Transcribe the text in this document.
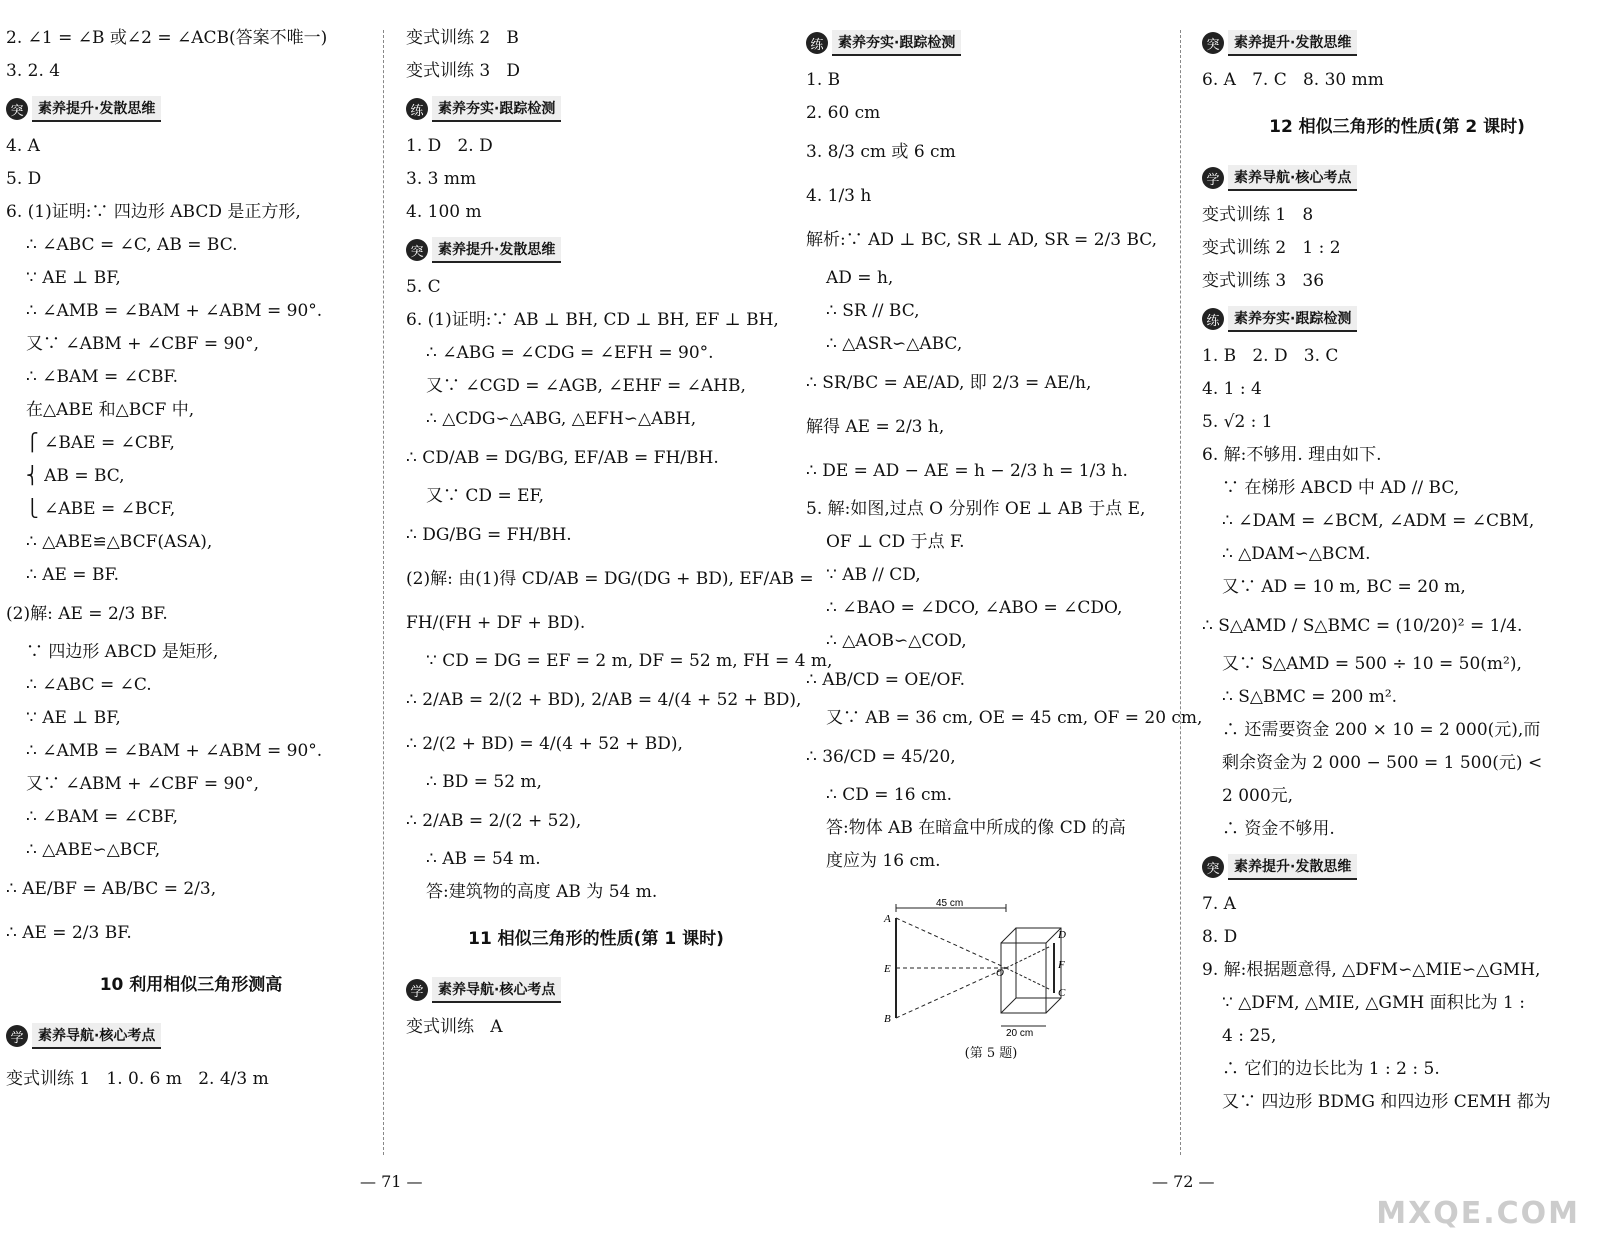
2. ∠1 = ∠B 或∠2 = ∠ACB(答案不唯一)
3. 2. 4
突	素养提升·发散思维
4. A
5. D
6. (1)证明:∵ 四边形 ABCD 是正方形,
∴ ∠ABC = ∠C, AB = BC.
∵ AE ⊥ BF,
∴ ∠AMB = ∠BAM + ∠ABM = 90°.
又∵ ∠ABM + ∠CBF = 90°,
∴ ∠BAM = ∠CBF.
在△ABE 和△BCF 中,
⎧ ∠BAE = ∠CBF,
⎨ AB = BC,
⎩ ∠ABE = ∠BCF,
∴ △ABE≌△BCF(ASA),
∴ AE = BF.
(2)解: AE = 2/3 BF.
∵ 四边形 ABCD 是矩形,
∴ ∠ABC = ∠C.
∵ AE ⊥ BF,
∴ ∠AMB = ∠BAM + ∠ABM = 90°.
又∵ ∠ABM + ∠CBF = 90°,
∴ ∠BAM = ∠CBF,
∴ △ABE∽△BCF,
∴ AE/BF = AB/BC = 2/3,
∴ AE = 2/3 BF.
10 利用相似三角形测高
学	素养导航·核心考点
变式训练 1   1. 0. 6 m   2. 4/3 m
变式训练 2   B
变式训练 3   D
练	素养夯实·跟踪检测
1. D   2. D
3. 3 mm
4. 100 m
突	素养提升·发散思维
5. C
6. (1)证明:∵ AB ⊥ BH, CD ⊥ BH, EF ⊥ BH,
∴ ∠ABG = ∠CDG = ∠EFH = 90°.
又∵ ∠CGD = ∠AGB, ∠EHF = ∠AHB,
∴ △CDG∽△ABG, △EFH∽△ABH,
∴ CD/AB = DG/BG, EF/AB = FH/BH.
又∵ CD = EF,
∴ DG/BG = FH/BH.
(2)解: 由(1)得 CD/AB = DG/(DG + BD), EF/AB =
FH/(FH + DF + BD).
∵ CD = DG = EF = 2 m, DF = 52 m, FH = 4 m,
∴ 2/AB = 2/(2 + BD), 2/AB = 4/(4 + 52 + BD),
∴ 2/(2 + BD) = 4/(4 + 52 + BD),
∴ BD = 52 m,
∴ 2/AB = 2/(2 + 52),
∴ AB = 54 m.
答:建筑物的高度 AB 为 54 m.
11 相似三角形的性质(第 1 课时)
学	素养导航·核心考点
变式训练   A
练	素养夯实·跟踪检测
1. B
2. 60 cm
3. 8/3 cm 或 6 cm
4. 1/3 h
解析:∵ AD ⊥ BC, SR ⊥ AD, SR = 2/3 BC,
AD = h,
∴ SR // BC,
∴ △ASR∽△ABC,
∴ SR/BC = AE/AD, 即 2/3 = AE/h,
解得 AE = 2/3 h,
∴ DE = AD − AE = h − 2/3 h = 1/3 h.
5. 解:如图,过点 O 分别作 OE ⊥ AB 于点 E,
OF ⊥ CD 于点 F.
∵ AB // CD,
∴ ∠BAO = ∠DCO, ∠ABO = ∠CDO,
∴ △AOB∽△COD,
∴ AB/CD = OE/OF.
又∵ AB = 36 cm, OE = 45 cm, OF = 20 cm,
∴ 36/CD = 45/20,
∴ CD = 16 cm.
答:物体 AB 在暗盒中所成的像 CD 的高
度应为 16 cm.
突	素养提升·发散思维
6. A   7. C   8. 30 mm
12 相似三角形的性质(第 2 课时)
学	素养导航·核心考点
变式训练 1   8
变式训练 2   1 : 2
变式训练 3   36
练	素养夯实·跟踪检测
1. B   2. D   3. C
4. 1 : 4
5. √2 : 1
6. 解:不够用. 理由如下.
∵ 在梯形 ABCD 中 AD // BC,
∴ ∠DAM = ∠BCM, ∠ADM = ∠CBM,
∴ △DAM∽△BCM.
又∵ AD = 10 m, BC = 20 m,
∴ S△AMD / S△BMC = (10/20)² = 1/4.
又∵ S△AMD = 500 ÷ 10 = 50(m²),
∴ S△BMC = 200 m².
∴ 还需要资金 200 × 10 = 2 000(元),而
剩余资金为 2 000 − 500 = 1 500(元) <
2 000元,
∴ 资金不够用.
突	素养提升·发散思维
7. A
8. D
9. 解:根据题意得, △DFM∽△MIE∽△GMH,
∵ △DFM, △MIE, △GMH 面积比为 1 :
4 : 25,
∴ 它们的边长比为 1 : 2 : 5.
又∵ 四边形 BDMG 和四边形 CEMH 都为
45 cm
20 cm
A
E
B
O
D
F
C
(第 5 题)
— 71 —	— 72 —
MXQE.COM
